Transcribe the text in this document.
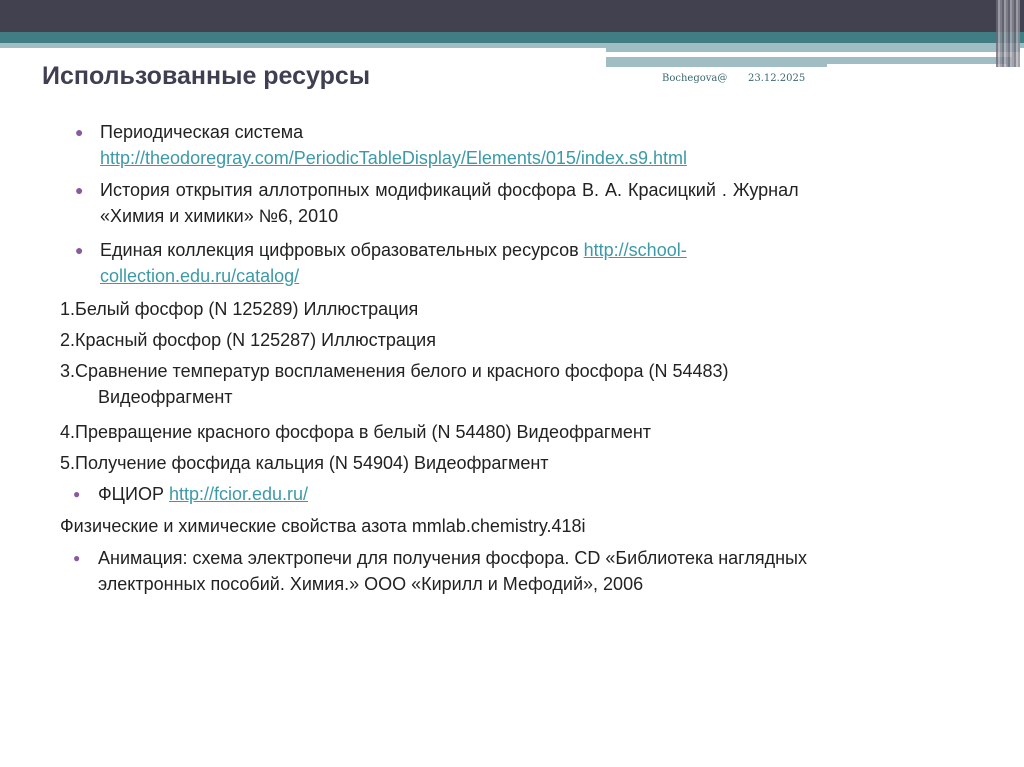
Использованные ресурсы	Bochegova@ 23.12.2025
● Периодическая система
http://theodoregray.com/PeriodicTableDisplay/Elements/015/index.s9.html
● История открытия аллотропных модификаций фосфора В. А. Красицкий . Журнал
«Химия и химики» №6, 2010
● Единая коллекция цифровых образовательных ресурсов http://school-
collection.edu.ru/catalog/
1.Белый фосфор (N 125289) Иллюстрация
2.Красный фосфор (N 125287) Иллюстрация
3.Сравнение температур воспламенения белого и красного фосфора (N 54483)
Видеофрагмент
4.Превращение красного фосфора в белый (N 54480) Видеофрагмент
5.Получение фосфида кальция (N 54904) Видеофрагмент
● ФЦИОР http://fcior.edu.ru/
Физические и химические свойства азота mmlab.chemistry.418i
● Анимация: схема электропечи для получения фосфора. CD «Библиотека наглядных
электронных пособий. Химия.» ООО «Кирилл и Мефодий», 2006
